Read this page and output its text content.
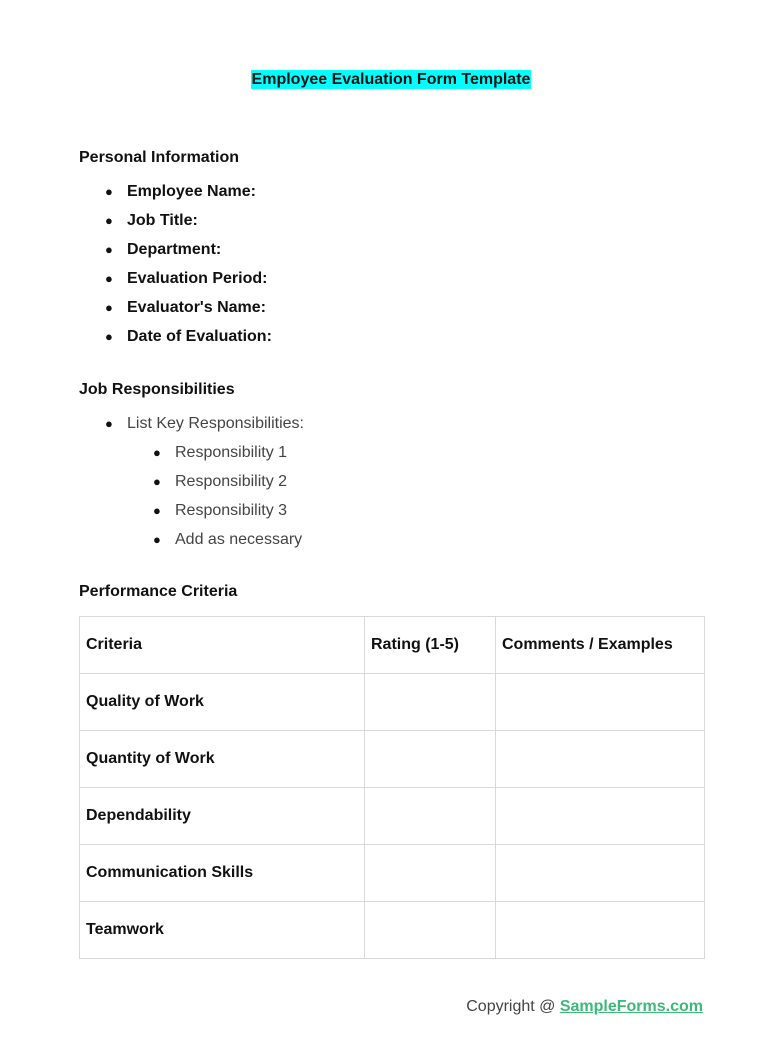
Employee Evaluation Form Template
Personal Information
● Employee Name:
● Job Title:
● Department:
● Evaluation Period:
● Evaluator's Name:
● Date of Evaluation:
Job Responsibilities
● List Key Responsibilities:
● Responsibility 1
● Responsibility 2
● Responsibility 3
● Add as necessary
Performance Criteria
Criteria	Rating (1-5)	Comments / Examples
Quality of Work		
Quantity of Work		
Dependability		
Communication Skills		
Teamwork		
Copyright @ SampleForms.com
